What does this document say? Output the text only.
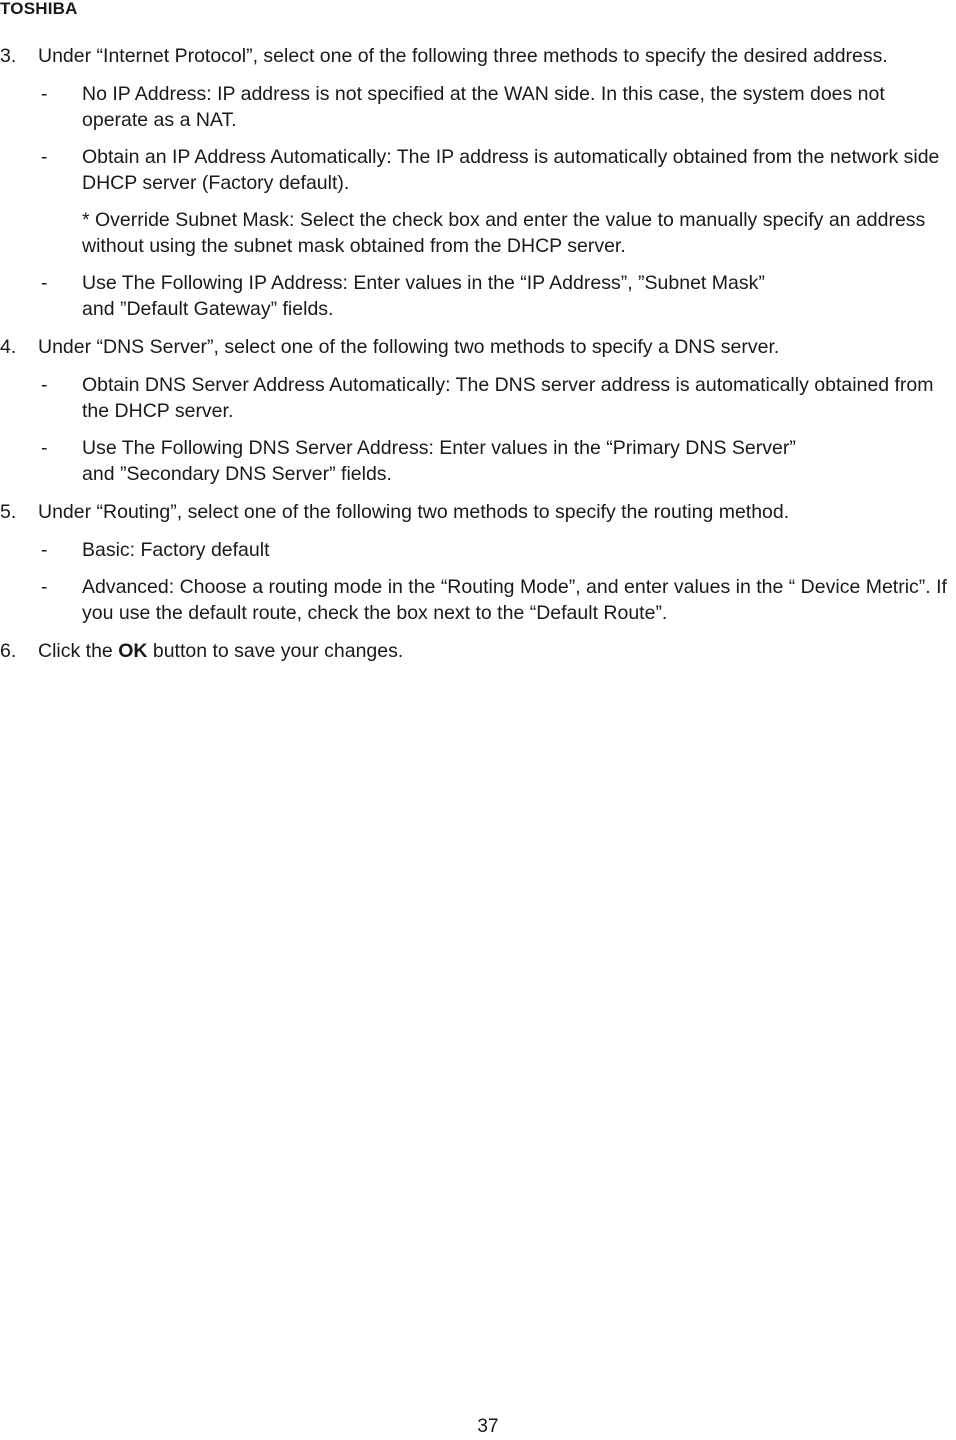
TOSHIBA
3. Under “Internet Protocol”, select one of the following three methods to specify the desired address.
- No IP Address: IP address is not specified at the WAN side. In this case, the system does not operate as a NAT.
- Obtain an IP Address Automatically: The IP address is automatically obtained from the network side DHCP server (Factory default).
* Override Subnet Mask: Select the check box and enter the value to manually specify an address without using the subnet mask obtained from the DHCP server.
- Use The Following IP Address: Enter values in the “IP Address”, ”Subnet Mask”
and ”Default Gateway” fields.
4. Under “DNS Server”, select one of the following two methods to specify a DNS server.
- Obtain DNS Server Address Automatically: The DNS server address is automatically obtained from the DHCP server.
- Use The Following DNS Server Address: Enter values in the “Primary DNS Server”
and ”Secondary DNS Server” fields.
5. Under “Routing”, select one of the following two methods to specify the routing method.
- Basic: Factory default
- Advanced: Choose a routing mode in the “Routing Mode”, and enter values in the “ Device Metric”. If you use the default route, check the box next to the “Default Route”.
6. Click the OK button to save your changes.
37
